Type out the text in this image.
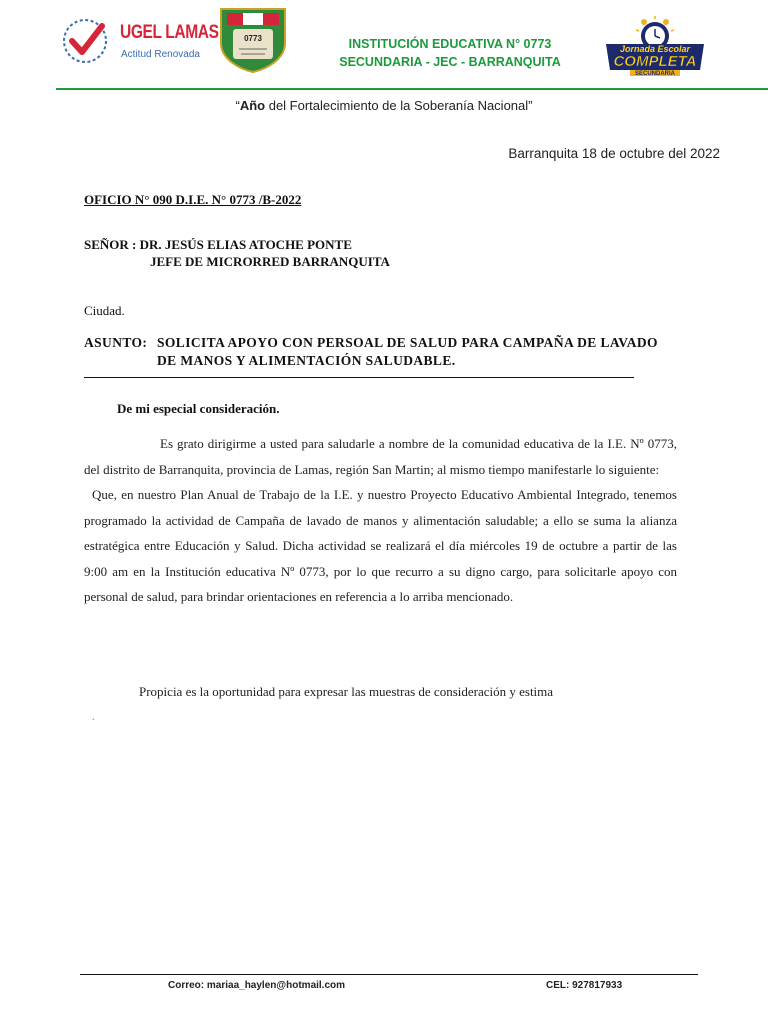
UGEL LAMAS
Actitud Renovada
0773	INSTITUCIÓN EDUCATIVA N° 0773
SECUNDARIA - JEC - BARRANQUITA
Jornada Escolar
COMPLETA
SECUNDARIA
“Año del Fortalecimiento de la Soberanía Nacional”
Barranquita 18 de octubre del 2022
OFICIO N° 090 D.I.E. N° 0773 /B-2022
SEÑOR : DR. JESÚS ELIAS ATOCHE PONTE
JEFE DE MICRORRED BARRANQUITA
Ciudad.
ASUNTO: SOLICITA APOYO CON PERSOAL DE SALUD PARA CAMPAÑA DE LAVADO
DE MANOS Y ALIMENTACIÓN SALUDABLE.
De mi especial consideración.

Es grato dirigirme a usted para saludarle a nombre de la comunidad educativa de la I.E. Nº 0773, del distrito de Barranquita, provincia de Lamas, región San Martin; al mismo tiempo manifestarle lo siguiente:

Que, en nuestro Plan Anual de Trabajo de la I.E. y nuestro Proyecto Educativo Ambiental Integrado, tenemos programado la actividad de Campaña de lavado de manos y alimentación saludable; a ello se suma la alianza estratégica entre Educación y Salud. Dicha actividad se realizará el día miércoles 19 de octubre a partir de las 9:00 am en la Institución educativa Nº 0773, por lo que recurro a su digno cargo, para solicitarle apoyo con personal de salud, para brindar orientaciones en referencia a lo arriba mencionado.

Propicia es la oportunidad para expresar las muestras de consideración y estima
.
Correo: mariaa_haylen@hotmail.com	CEL: 927817933
